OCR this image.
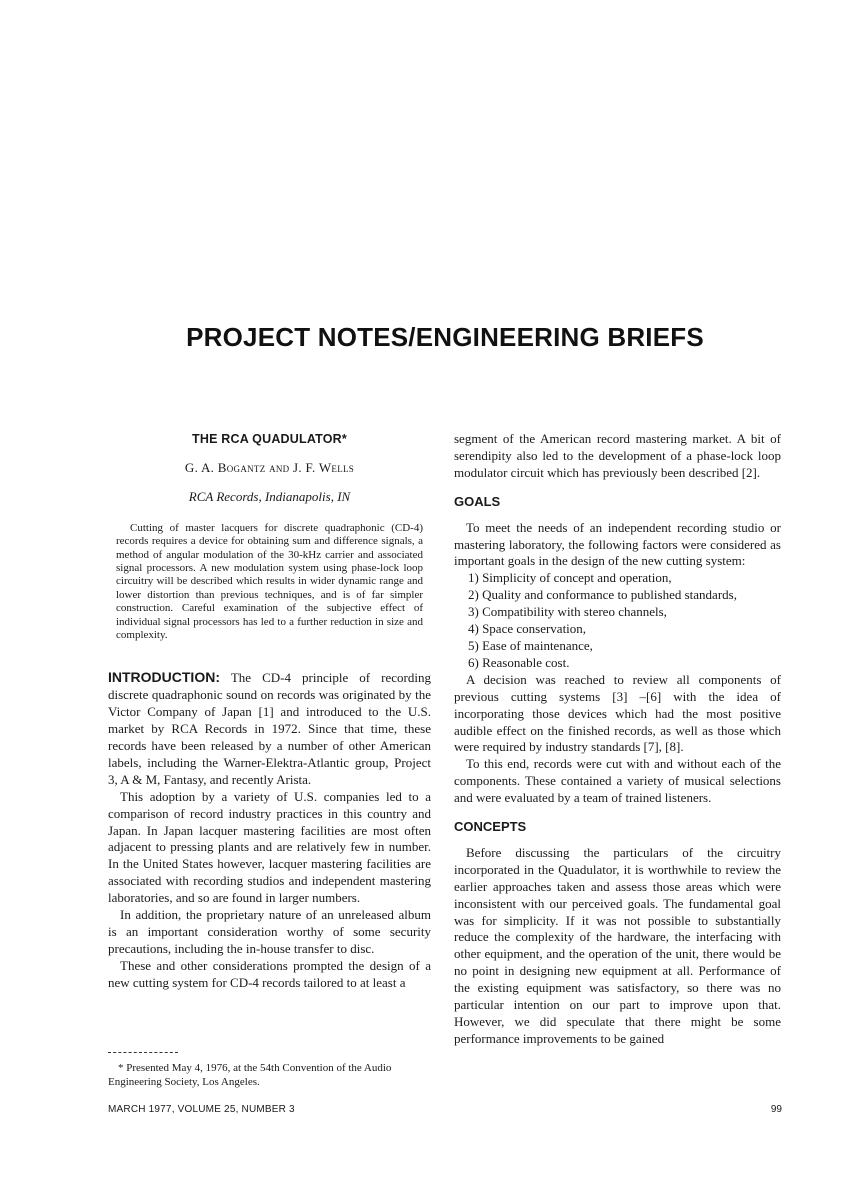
PROJECT NOTES/ENGINEERING BRIEFS
THE RCA QUADULATOR*
G. A. Bogantz and J. F. Wells
RCA Records, Indianapolis, IN

Cutting of master lacquers for discrete quadraphonic (CD-4) records requires a device for obtaining sum and difference signals, a method of angular modulation of the 30-kHz carrier and associated signal processors. A new modulation system using phase-lock loop circuitry will be described which results in wider dynamic range and lower distortion than previous techniques, and is of far simpler construction. Careful examination of the subjective effect of individual signal processors has led to a further reduction in size and complexity.

INTRODUCTION: The CD-4 principle of recording discrete quadraphonic sound on records was originated by the Victor Company of Japan [1] and introduced to the U.S. market by RCA Records in 1972. Since that time, these records have been released by a number of other American labels, including the Warner-Elektra-Atlantic group, Project 3, A & M, Fantasy, and recently Arista.

This adoption by a variety of U.S. companies led to a comparison of record industry practices in this country and Japan. In Japan lacquer mastering facilities are most often adjacent to pressing plants and are relatively few in number. In the United States however, lacquer mastering facilities are associated with recording studios and independent mastering laboratories, and so are found in larger numbers.

In addition, the proprietary nature of an unreleased album is an important consideration worthy of some security precautions, including the in-house transfer to disc.

These and other considerations prompted the design of a new cutting system for CD-4 records tailored to at least a

segment of the American record mastering market. A bit of serendipity also led to the development of a phase-lock loop modulator circuit which has previously been described [2].

GOALS

To meet the needs of an independent recording studio or mastering laboratory, the following factors were considered as important goals in the design of the new cutting system:

1) Simplicity of concept and operation,
2) Quality and conformance to published standards,
3) Compatibility with stereo channels,
4) Space conservation,
5) Ease of maintenance,
6) Reasonable cost.

A decision was reached to review all components of previous cutting systems [3] –[6] with the idea of incorporating those devices which had the most positive audible effect on the finished records, as well as those which were required by industry standards [7], [8].

To this end, records were cut with and without each of the components. These contained a variety of musical selections and were evaluated by a team of trained listeners.

CONCEPTS

Before discussing the particulars of the circuitry incorporated in the Quadulator, it is worthwhile to review the earlier approaches taken and assess those areas which were inconsistent with our perceived goals. The fundamental goal was for simplicity. If it was not possible to substantially reduce the complexity of the hardware, the interfacing with other equipment, and the operation of the unit, there would be no point in designing new equipment at all. Performance of the existing equipment was satisfactory, so there was no particular intention on our part to improve upon that. However, we did speculate that there might be some performance improvements to be gained

* Presented May 4, 1976, at the 54th Convention of the Audio Engineering Society, Los Angeles.
MARCH 1977, VOLUME 25, NUMBER 3	99
